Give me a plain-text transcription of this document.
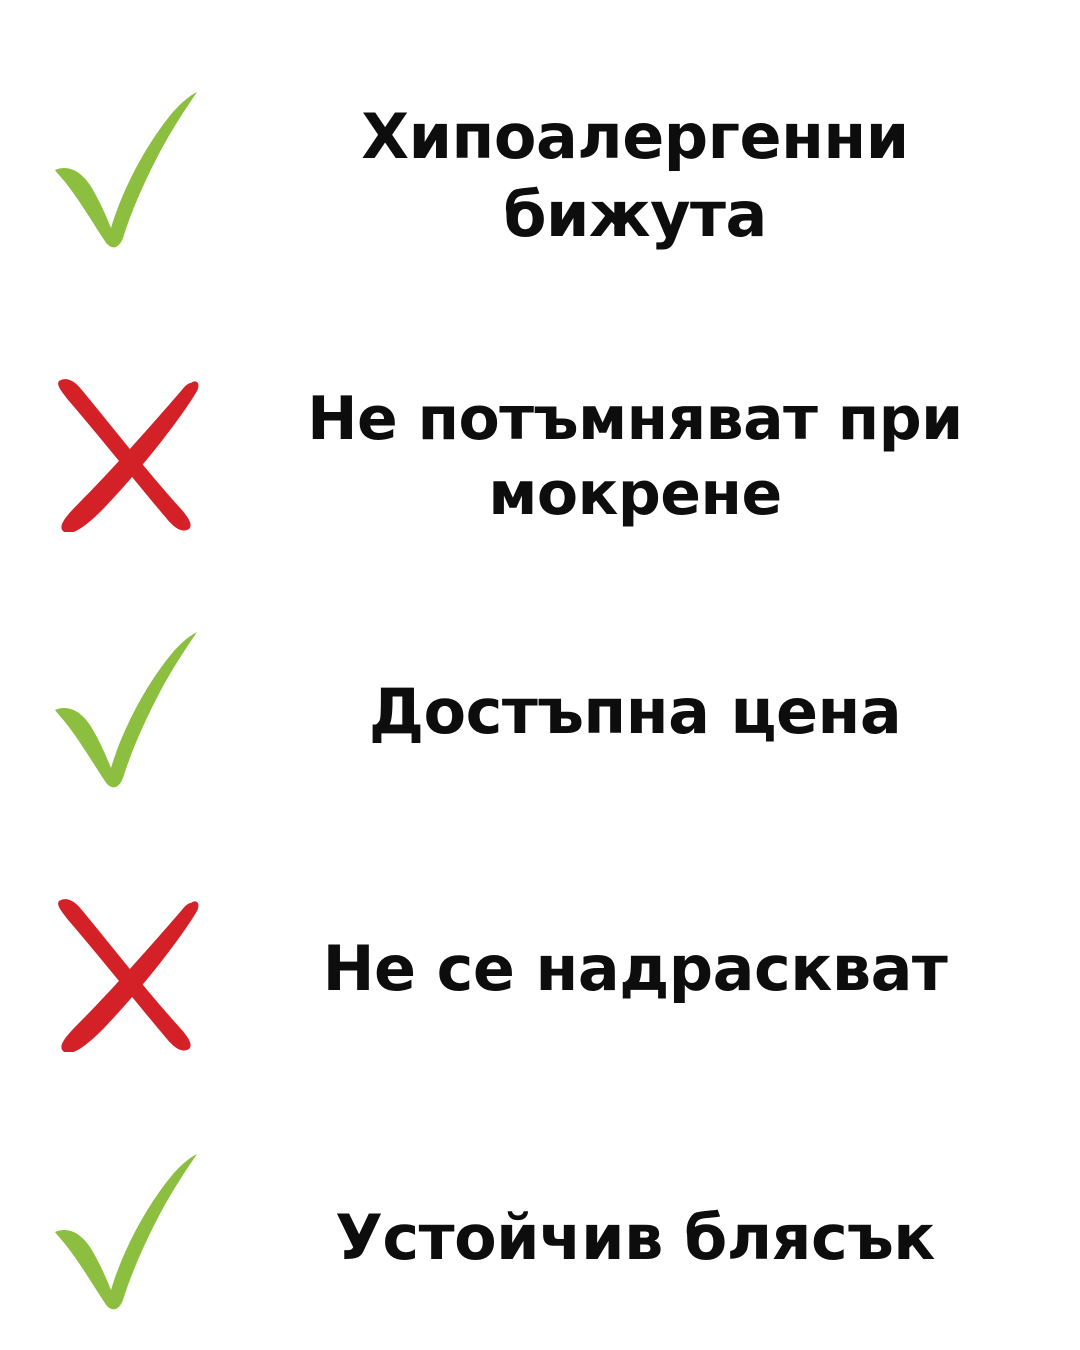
Хипоалергенни бижута
Не потъмняват при мокрене
Достъпна цена
Не се надраскват
Устойчив блясък
